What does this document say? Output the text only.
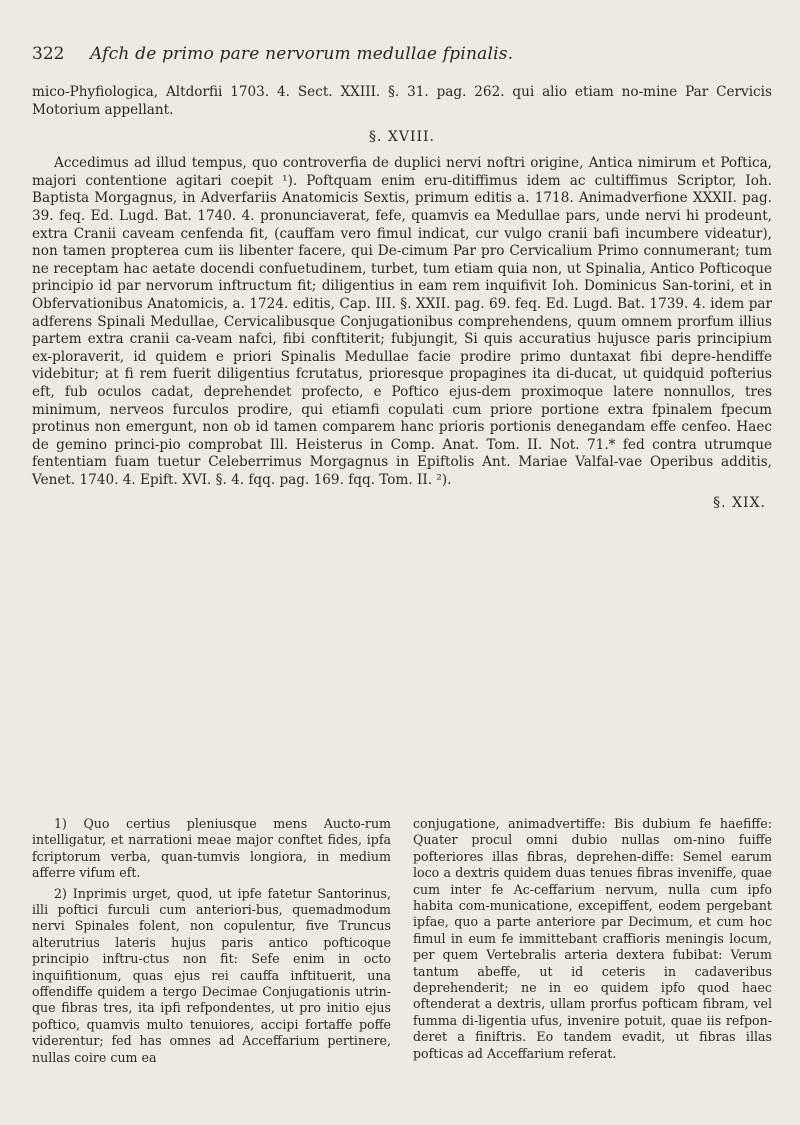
322 Afch de primo pare nervorum medullae fpinalis.

mico-Phyfiologica, Altdorfii 1703. 4. Sect. XXIII. §. 31. pag. 262. qui alio etiam no-mine Par Cervicis Motorium appellant.

§. XVIII.

Accedimus ad illud tempus, quo controverfia de duplici nervi noftri origine, Antica nimirum et Poftica, majori contentione agitari coepit ¹). Poftquam enim eru-ditiffimus idem ac cultiffimus Scriptor, Ioh. Baptista Morgagnus, in Adverfariis Anatomicis Sextis, primum editis a. 1718. Animadverfione XXXII. pag. 39. feq. Ed. Lugd. Bat. 1740. 4. pronunciaverat, fefe, quamvis ea Medullae pars, unde nervi hi prodeunt, extra Cranii caveam cenfenda fit, (cauffam vero fimul indicat, cur vulgo cranii bafi incumbere videatur), non tamen propterea cum iis libenter facere, qui De-cimum Par pro Cervicalium Primo connumerant; tum ne receptam hac aetate docendi confuetudinem, turbet, tum etiam quia non, ut Spinalia, Antico Pofticoque principio id par nervorum inftructum fit; diligentius in eam rem inquifivit Ioh. Dominicus San-torini, et in Obfervationibus Anatomicis, a. 1724. editis, Cap. III. §. XXII. pag. 69. feq. Ed. Lugd. Bat. 1739. 4. idem par adferens Spinali Medullae, Cervicalibusque Conjugationibus comprehendens, quum omnem prorfum illius partem extra cranii ca-veam nafci, fibi conftiterit; fubjungit, Si quis accuratius hujusce paris principium ex-ploraverit, id quidem e priori Spinalis Medullae facie prodire primo duntaxat fibi depre-hendiffe videbitur; at fi rem fuerit diligentius fcrutatus, prioresque propagines ita di-ducat, ut quidquid pofterius eft, fub oculos cadat, deprehendet profecto, e Poftico ejus-dem proximoque latere nonnullos, tres minimum, nerveos furculos prodire, qui etiamfi copulati cum priore portione extra fpinalem fpecum protinus non emergunt, non ob id tamen comparem hanc prioris portionis denegandam effe cenfeo. Haec de gemino princi-pio comprobat Ill. Heisterus in Comp. Anat. Tom. II. Not. 71.* fed contra utrumque fententiam fuam tuetur Celeberrimus Morgagnus in Epiftolis Ant. Mariae Valfal-vae Operibus additis, Venet. 1740. 4. Epift. XVI. §. 4. fqq. pag. 169. fqq. Tom. II. ²).

§. XIX.

1) Quo certius pleniusque mens Aucto-rum intelligatur, et narrationi meae major conftet fides, ipfa fcriptorum verba, quan-tumvis longiora, in medium afferre vifum eft.

2) Inprimis urget, quod, ut ipfe fatetur Santorinus, illi poftici furculi cum anteriori-bus, quemadmodum nervi Spinales folent, non copulentur, five Truncus alterutrius lateris hujus paris antico pofticoque principio inftru-ctus non fit: Sefe enim in octo inquifitionum, quas ejus rei cauffa inftituerit, una offendiffe quidem a tergo Decimae Conjugationis utrin-que fibras tres, ita ipfi refpondentes, ut pro initio ejus poftico, quamvis multo tenuiores, accipi fortaffe poffe viderentur; fed has omnes ad Acceffarium pertinere, nullas coire cum ea

conjugatione, animadvertiffe: Bis dubium fe haefiffe: Quater procul omni dubio nullas om-nino fuiffe pofteriores illas fibras, deprehen-diffe: Semel earum loco a dextris quidem duas tenues fibras inveniffe, quae cum inter fe Ac-ceffarium nervum, nulla cum ipfo habita com-municatione, excepiffent, eodem pergebant ipfae, quo a parte anteriore par Decimum, et cum hoc fimul in eum fe immittebant craffioris meningis locum, per quem Vertebralis arteria dextera fubibat: Verum tantum abeffe, ut id ceteris in cadaveribus deprehenderit; ne in eo quidem ipfo quod haec oftenderat a dextris, ullam prorfus pofticam fibram, vel fumma di-ligentia ufus, invenire potuit, quae iis refpon-deret a finiftris. Eo tandem evadit, ut fibras illas pofticas ad Acceffarium referat.
